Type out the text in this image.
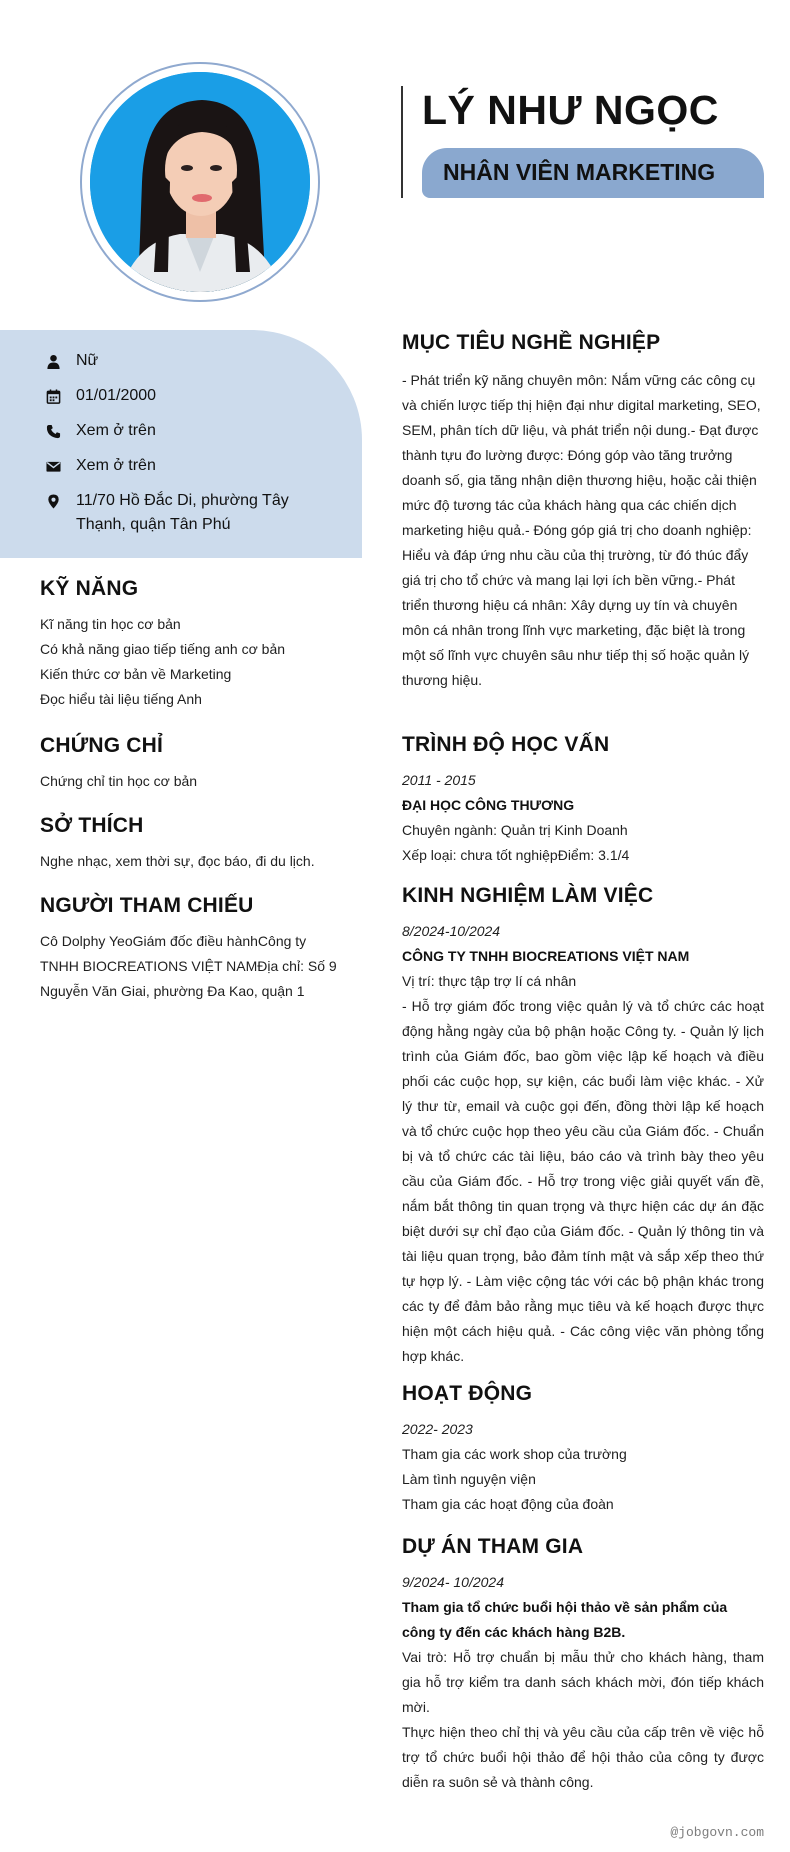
LÝ NHƯ NGỌC
NHÂN VIÊN MARKETING
Nữ
01/01/2000
Xem ở trên
Xem ở trên
11/70 Hồ Đắc Di, phường Tây Thạnh, quận Tân Phú
KỸ NĂNG
Kĩ năng tin học cơ bản
Có khả năng giao tiếp tiếng anh cơ bản
Kiến thức cơ bản về Marketing
Đọc hiểu tài liệu tiếng Anh
CHỨNG CHỈ
Chứng chỉ tin học cơ bản
SỞ THÍCH
Nghe nhạc, xem thời sự, đọc báo, đi du lịch.
NGƯỜI THAM CHIẾU
Cô Dolphy YeoGiám đốc điều hànhCông ty TNHH BIOCREATIONS VIỆT NAMĐịa chỉ: Số 9 Nguyễn Văn Giai, phường Đa Kao, quận 1
MỤC TIÊU NGHỀ NGHIỆP
- Phát triển kỹ năng chuyên môn: Nắm vững các công cụ và chiến lược tiếp thị hiện đại như digital marketing, SEO, SEM, phân tích dữ liệu, và phát triển nội dung.- Đạt được thành tựu đo lường được: Đóng góp vào tăng trưởng doanh số, gia tăng nhận diện thương hiệu, hoặc cải thiện mức độ tương tác của khách hàng qua các chiến dịch marketing hiệu quả.- Đóng góp giá trị cho doanh nghiệp: Hiểu và đáp ứng nhu cầu của thị trường, từ đó thúc đẩy giá trị cho tổ chức và mang lại lợi ích bền vững.- Phát triển thương hiệu cá nhân: Xây dựng uy tín và chuyên môn cá nhân trong lĩnh vực marketing, đặc biệt là trong một số lĩnh vực chuyên sâu như tiếp thị số hoặc quản lý thương hiệu.
TRÌNH ĐỘ HỌC VẤN
2011 - 2015
ĐẠI HỌC CÔNG THƯƠNG
Chuyên ngành: Quản trị Kinh Doanh
Xếp loại: chưa tốt nghiệpĐiểm: 3.1/4
KINH NGHIỆM LÀM VIỆC
8/2024-10/2024
CÔNG TY TNHH BIOCREATIONS VIỆT NAM
Vị trí: thực tập trợ lí cá nhân
- Hỗ trợ giám đốc trong việc quản lý và tổ chức các hoạt động hằng ngày của bộ phận hoặc Công ty. - Quản lý lịch trình của Giám đốc, bao gồm việc lập kế hoạch và điều phối các cuộc họp, sự kiện, các buổi làm việc khác. - Xử lý thư từ, email và cuộc gọi đến, đồng thời lập kế hoạch và tổ chức cuộc họp theo yêu cầu của Giám đốc. - Chuẩn bị và tổ chức các tài liệu, báo cáo và trình bày theo yêu cầu của Giám đốc. - Hỗ trợ trong việc giải quyết vấn đề, nắm bắt thông tin quan trọng và thực hiện các dự án đặc biệt dưới sự chỉ đạo của Giám đốc. - Quản lý thông tin và tài liệu quan trọng, bảo đảm tính mật và sắp xếp theo thứ tự hợp lý. - Làm việc cộng tác với các bộ phận khác trong các ty để đảm bảo rằng mục tiêu và kế hoạch được thực hiện một cách hiệu quả. - Các công việc văn phòng tổng hợp khác.
HOẠT ĐỘNG
2022- 2023
Tham gia các work shop của trường
Làm tình nguyện viện
Tham gia các hoạt động của đoàn
DỰ ÁN THAM GIA
9/2024- 10/2024
Tham gia tổ chức buổi hội thảo về sản phẩm của công ty đến các khách hàng B2B.
Vai trò: Hỗ trợ chuẩn bị mẫu thử cho khách hàng, tham gia hỗ trợ kiểm tra danh sách khách mời, đón tiếp khách mời.
Thực hiện theo chỉ thị và yêu cầu của cấp trên về việc hỗ trợ tổ chức buổi hội thảo để hội thảo của công ty được diễn ra suôn sẻ và thành công.
@jobgovn.com
